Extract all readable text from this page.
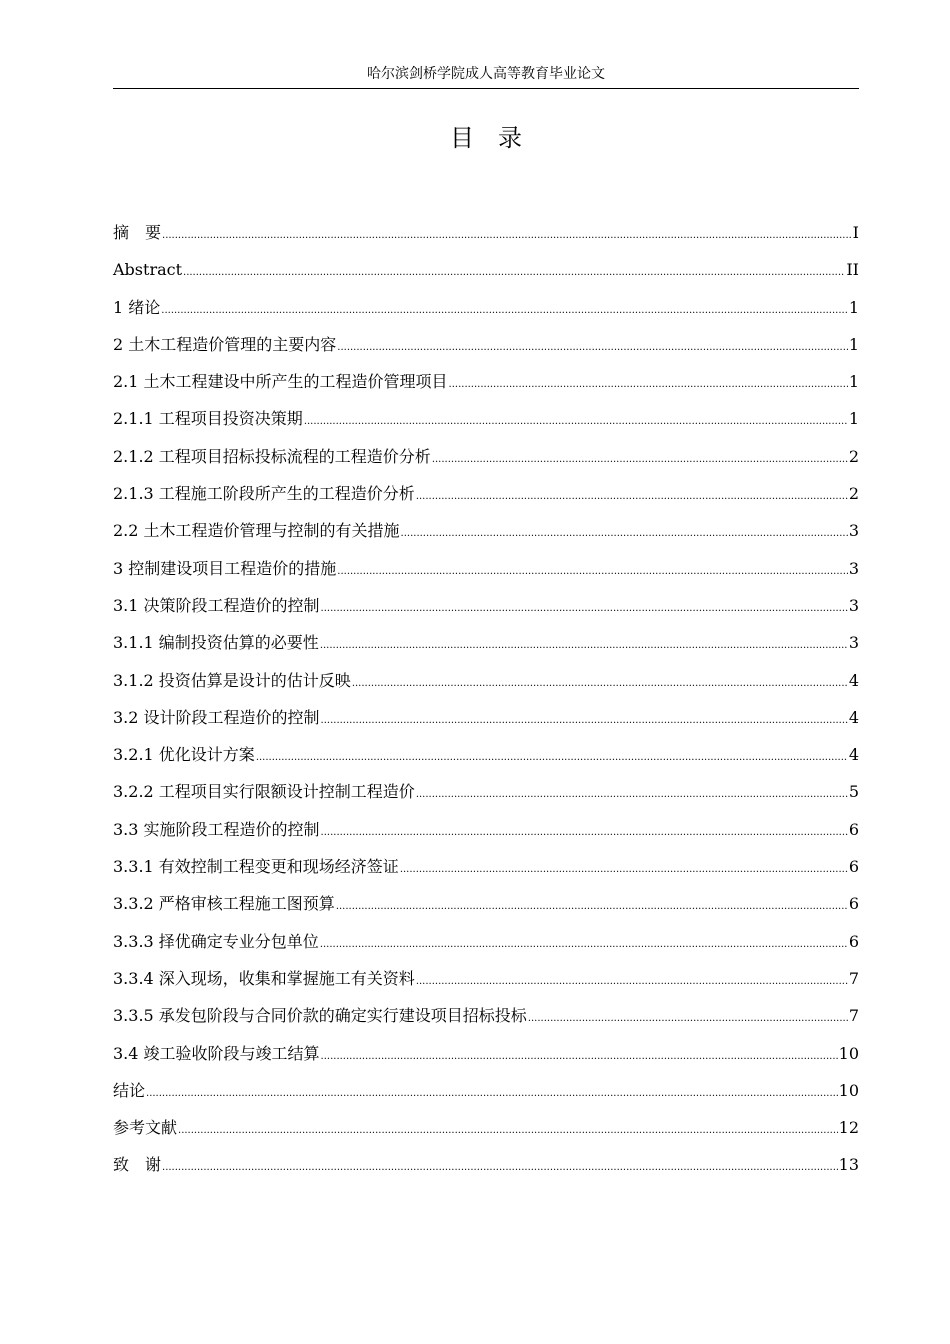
哈尔滨剑桥学院成人高等教育毕业论文
目录
摘　要 .....	I
Abstract .....	II
1 绪论 .....	1
2 土木工程造价管理的主要内容 .....	1
2.1 土木工程建设中所产生的工程造价管理项目 .....	1
2.1.1 工程项目投资决策期 .....	1
2.1.2 工程项目招标投标流程的工程造价分析 .....	2
2.1.3 工程施工阶段所产生的工程造价分析 .....	2
2.2 土木工程造价管理与控制的有关措施 .....	3
3 控制建设项目工程造价的措施 .....	3
3.1 决策阶段工程造价的控制 .....	3
3.1.1 编制投资估算的必要性 .....	3
3.1.2 投资估算是设计的估计反映 .....	4
3.2 设计阶段工程造价的控制 .....	4
3.2.1 优化设计方案 .....	4
3.2.2 工程项目实行限额设计控制工程造价 .....	5
3.3 实施阶段工程造价的控制 .....	6
3.3.1 有效控制工程变更和现场经济签证 .....	6
3.3.2 严格审核工程施工图预算 .....	6
3.3.3 择优确定专业分包单位 .....	6
3.3.4 深入现场，收集和掌握施工有关资料 .....	7
3.3.5 承发包阶段与合同价款的确定实行建设项目招标投标 .....	7
3.4 竣工验收阶段与竣工结算 .....	10
结论 .....	10
参考文献 .....	12
致　谢 .....	13
